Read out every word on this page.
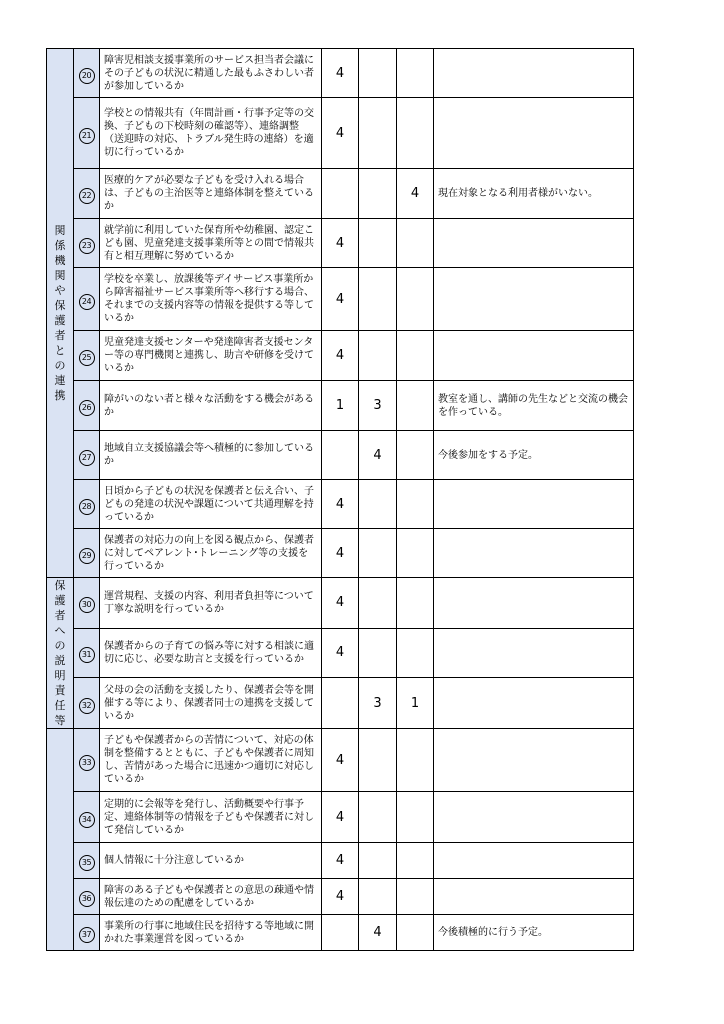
関係機関や保護者との連携	20	障害児相談支援事業所のサービス担当者会議にその子どもの状況に精通した最もふさわしい者が参加しているか	4			
	21	学校との情報共有（年間計画・行事予定等の交換、子どもの下校時刻の確認等）、連絡調整（送迎時の対応、トラブル発生時の連絡）を適切に行っているか	4			
	22	医療的ケアが必要な子どもを受け入れる場合は、子どもの主治医等と連絡体制を整えているか			4	現在対象となる利用者様がいない。
	23	就学前に利用していた保育所や幼稚園、認定こども園、児童発達支援事業所等との間で情報共有と相互理解に努めているか	4			
	24	学校を卒業し、放課後等デイサービス事業所から障害福祉サービス事業所等へ移行する場合、それまでの支援内容等の情報を提供する等しているか	4			
	25	児童発達支援センターや発達障害者支援センター等の専門機関と連携し、助言や研修を受けているか	4			
	26	障がいのない者と様々な活動をする機会があるか	1	3		教室を通し、講師の先生などと交流の機会を作っている。
	27	地域自立支援協議会等へ積極的に参加しているか		4		今後参加をする予定。
	28	日頃から子どもの状況を保護者と伝え合い、子どもの発達の状況や課題について共通理解を持っているか	4			
	29	保護者の対応力の向上を図る観点から、保護者に対してペアレント･トレーニング等の支援を行っているか	4			
保護者への説明責任等	30	運営規程、支援の内容、利用者負担等について丁寧な説明を行っているか	4			
	31	保護者からの子育ての悩み等に対する相談に適切に応じ、必要な助言と支援を行っているか	4			
	32	父母の会の活動を支援したり、保護者会等を開催する等により、保護者同士の連携を支援しているか		3	1	
	33	子どもや保護者からの苦情について、対応の体制を整備するとともに、子どもや保護者に周知し、苦情があった場合に迅速かつ適切に対応しているか	4			
	34	定期的に会報等を発行し、活動概要や行事予定、連絡体制等の情報を子どもや保護者に対して発信しているか	4			
	35	個人情報に十分注意しているか	4			
	36	障害のある子どもや保護者との意思の疎通や情報伝達のための配慮をしているか	4			
	37	事業所の行事に地域住民を招待する等地域に開かれた事業運営を図っているか		4		今後積極的に行う予定。
